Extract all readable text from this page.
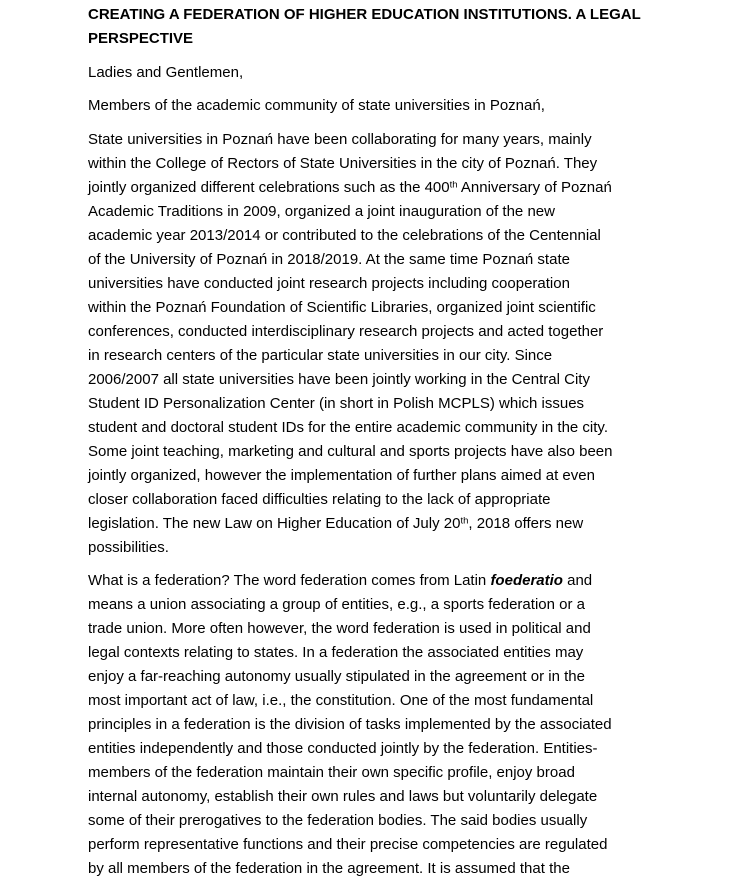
CREATING A FEDERATION OF HIGHER EDUCATION INSTITUTIONS. A LEGAL
PERSPECTIVE
Ladies and Gentlemen,
Members of the academic community of state universities in Poznań,
State universities in Poznań have been collaborating for many years, mainly
within the College of Rectors of State Universities in the city of Poznań. They
jointly organized different celebrations such as the 400th Anniversary of Poznań
Academic Traditions in 2009, organized a joint inauguration of the new
academic year 2013/2014 or contributed to the celebrations of the Centennial
of the University of Poznań in 2018/2019. At the same time Poznań state
universities have conducted joint research projects including cooperation
within the Poznań Foundation of Scientific Libraries, organized joint scientific
conferences, conducted interdisciplinary research projects and acted together
in research centers of the particular state universities in our city. Since
2006/2007 all state universities have been jointly working in the Central City
Student ID Personalization Center (in short in Polish MCPLS) which issues
student and doctoral student IDs for the entire academic community in the city.
Some joint teaching, marketing and cultural and sports projects have also been
jointly organized, however the implementation of further plans aimed at even
closer collaboration faced difficulties relating to the lack of appropriate
legislation. The new Law on Higher Education of July 20th, 2018 offers new
possibilities.
What is a federation? The word federation comes from Latin foederatio and
means a union associating a group of entities, e.g., a sports federation or a
trade union. More often however, the word federation is used in political and
legal contexts relating to states. In a federation the associated entities may
enjoy a far-reaching autonomy usually stipulated in the agreement or in the
most important act of law, i.e., the constitution. One of the most fundamental
principles in a federation is the division of tasks implemented by the associated
entities independently and those conducted jointly by the federation. Entities-
members of the federation maintain their own specific profile, enjoy broad
internal autonomy, establish their own rules and laws but voluntarily delegate
some of their prerogatives to the federation bodies. The said bodies usually
perform representative functions and their precise competencies are regulated
by all members of the federation in the agreement. It is assumed that the
